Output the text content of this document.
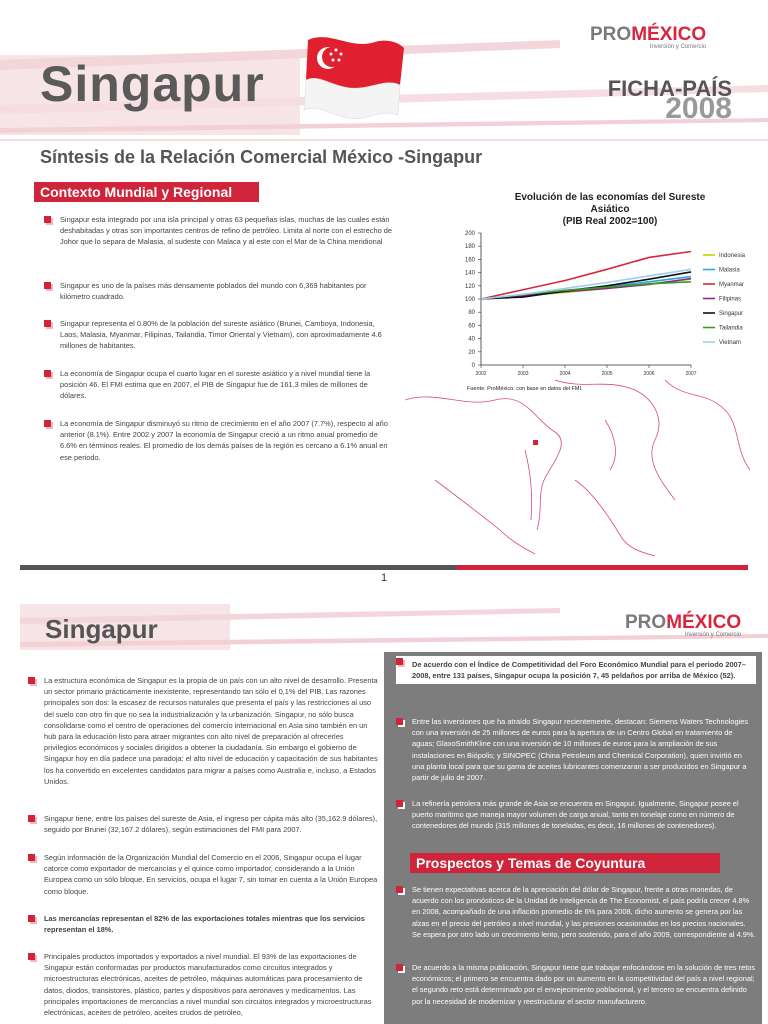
Singapur
PROMÉXICO
Inversión y Comercio
FICHA-PAÍS
2008
Síntesis de la Relación Comercial México -Singapur
Contexto Mundial y Regional
Singapur esta integrado por una isla principal y otras 63 pequeñas islas, muchas de las cuales están deshabitadas y otras son importantes centros de refino de petróleo. Limita al norte con el estrecho de Johor que lo separa de Malasia, al sudeste con Malaca y al este con el Mar de la China meridional
Singapur es uno de la países más densamente poblados del mundo con 6,369 habitantes por kilómetro cuadrado.
Singapur representa el 0.80% de la población del sureste asiático (Brunei, Camboya, Indonesia, Laos, Malasia, Myanmar, Filipinas, Tailandia, Timor Oriental y Vietnam), con aproximadamente 4.6 millones de habitantes.
La economía de Singapur ocupa el cuarto lugar en el sureste asiático y a nivel mundial tiene la posición 46. El FMI estima que en 2007, el PIB de Singapur fue de 161.3 miles de millones de dólares.
La economía de Singapur disminuyó su ritmo de crecimiento en el año 2007 (7.7%), respecto al año anterior (8.1%). Entre 2002 y 2007 la economía de Singapur creció a un ritmo anual promedio de 6.6% en términos reales. El promedio de los demás países de la región es cercano a 6.1% anual en ese periodo.
Evolución de las economías del Sureste
Asiático
(PIB Real 2002=100)
0
20
40
60
80
100
120
140
160
180
200
2002	2003	2004	2005	2006	2007
Indonesia
Malasia
Myanmar
Filipinas
Singapur
Tailandia
Vietnam
Fuente: ProMéxico, con base en datos del FMI.
1
Singapur	PROMÉXICO
Inversión y Comercio
La estructura económica de Singapur es la propia de un país con un alto nivel de desarrollo. Presenta un sector primario prácticamente inexistente, representando tan sólo el 0,1% del PIB. Las razones principales son dos: la escasez de recursos naturales que presenta el país y las restricciones al uso del suelo con otro fin que no sea la industrialización y la urbanización. Singapur, no sólo busca consolidarse como el centro de operaciones del comercio internacional en Asia sino también en un hub para la educación listo para atraer migrantes con alto nivel de preparación al ofrecerles privilegios económicos y sociales dirigidos a obtener la ciudadanía. Sin embargo el gobierno de Singapur hoy en día padece una paradoja: el alto nivel de educación y capacitación de sus habitantes los ha convertido en excelentes candidatos para migrar a países como Australia e, incluso, a Estados Unidos.
Singapur tiene, entre los países del sureste de Asia, el ingreso per cápita más alto (35,162.9 dólares), seguido por Brunei (32,167.2 dólares), según estimaciones del FMI para 2007.
Según información de la Organización Mundial del Comercio en el 2006, Singapur ocupa el lugar catorce como exportador de mercancías y el quince como importador, considerando a la Unión Europea como un sólo bloque. En servicios, ocupa el lugar 7, sin tomar en cuenta a la Unión Europea como bloque.
Las mercancías representan el 82% de las exportaciones totales mientras que los servicios representan el 18%.
Principales productos importados y exportados a nivel mundial. El 93% de las exportaciones de Singapur están conformadas por productos manufacturados como circuitos integrados y microestructuras electrónicas, aceites de petróleo, máquinas automáticas para procesamiento de datos, diodos, transistores, plástico, partes y dispositivos para aeronaves y medicamentos. Las principales importaciones de mercancías a nivel mundial son circuitos integrados y microestructuras electrónicas, aceites de petróleo, aceites crudos de petróleo,
De acuerdo con el Índice de Competitividad del Foro Económico Mundial para el periodo 2007–2008, entre 131 países, Singapur ocupa la posición 7, 45 peldaños por arriba de México (52).
Entre las inversiones que ha atraído Singapur recientemente, destacan: Siemens Waters Technologies con una inversión de 25 millones de euros para la apertura de un Centro Global en tratamiento de aguas; GlaxoSmithKline con una inversión de 10 millones de euros para la ampliación de sus instalaciones en Biópolis; y SINOPEC (China Petroleum and Chemical Corporation), quien invirtió en una planta local para que su gama de aceites lubricantes comenzaran a ser producidos en Singapur a partir de julio de 2007.
La refinería petrolera más grande de Asia se encuentra en Singapur. Igualmente, Singapur posee el puerto marítimo que maneja mayor volumen de carga anual, tanto en tonelaje como en número de contenedores del mundo (315 millones de toneladas, es decir, 16 millones de contenedores).
Prospectos y Temas de Coyuntura
Se tienen expectativas acerca de la apreciación del dólar de Singapur, frente a otras monedas, de acuerdo con los pronósticos de la Unidad de Inteligencia de The Economist, el país podría crecer 4.8% en 2008, acompañado de una inflación promedio de 6% para 2008, dicho aumento se genera por las alzas en el precio del petróleo a nivel mundial, y las presiones ocasionadas en los precios nacionales. Se espera por otro lado un crecimiento lento, pero sostenido, para el año 2009, correspondiente al 4.9%.
De acuerdo a la misma publicación, Singapur tiene que trabajar enfocándose en la solución de tres retos económicos; el primero se encuentra dado por un aumento en la competitividad del país a nivel regional; el segundo reto está determinado por el envejecimiento poblacional, y el tercero se encuentra definido por la necesidad de modernizar y reestructurar el sector manufacturero.
